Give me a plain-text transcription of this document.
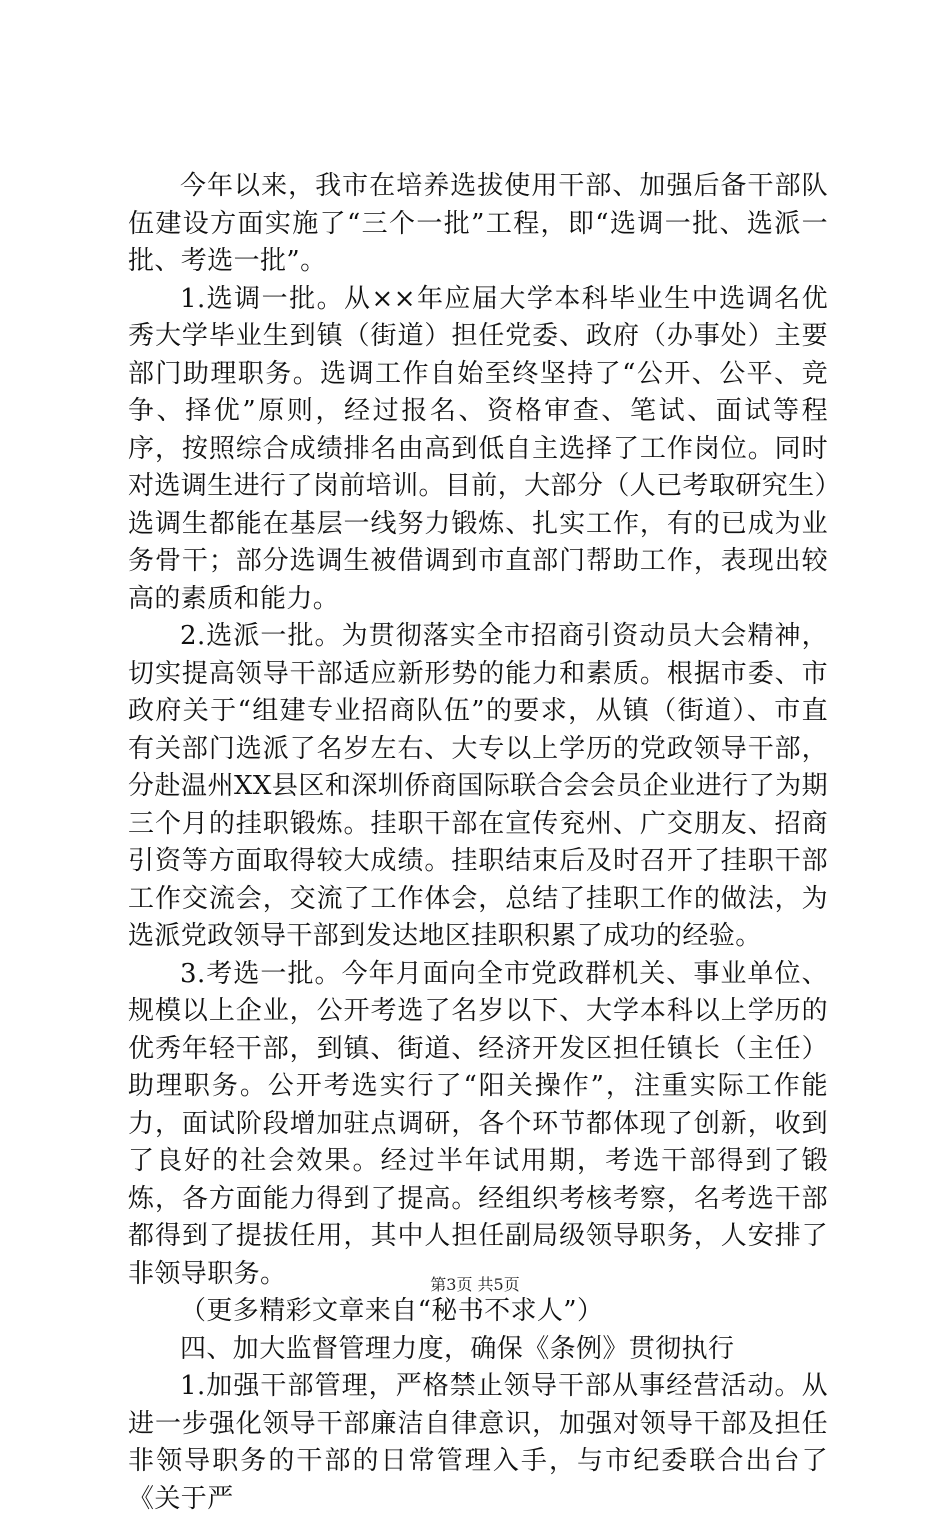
今年以来，我市在培养选拔使用干部、加强后备干部队伍建设方面实施了“三个一批”工程，即“选调一批、选派一批、考选一批”。

1.选调一批。从××年应届大学本科毕业生中选调名优秀大学毕业生到镇（街道）担任党委、政府（办事处）主要部门助理职务。选调工作自始至终坚持了“公开、公平、竞争、择优”原则，经过报名、资格审查、笔试、面试等程序，按照综合成绩排名由高到低自主选择了工作岗位。同时对选调生进行了岗前培训。目前，大部分（人已考取研究生）选调生都能在基层一线努力锻炼、扎实工作，有的已成为业务骨干；部分选调生被借调到市直部门帮助工作，表现出较高的素质和能力。

2.选派一批。为贯彻落实全市招商引资动员大会精神，切实提高领导干部适应新形势的能力和素质。根据市委、市政府关于“组建专业招商队伍”的要求，从镇（街道）、市直有关部门选派了名岁左右、大专以上学历的党政领导干部，分赴温州XX县区和深圳侨商国际联合会会员企业进行了为期三个月的挂职锻炼。挂职干部在宣传兖州、广交朋友、招商引资等方面取得较大成绩。挂职结束后及时召开了挂职干部工作交流会，交流了工作体会，总结了挂职工作的做法，为选派党政领导干部到发达地区挂职积累了成功的经验。

3.考选一批。今年月面向全市党政群机关、事业单位、规模以上企业，公开考选了名岁以下、大学本科以上学历的优秀年轻干部，到镇、街道、经济开发区担任镇长（主任）助理职务。公开考选实行了“阳关操作”，注重实际工作能力，面试阶段增加驻点调研，各个环节都体现了创新，收到了良好的社会效果。经过半年试用期，考选干部得到了锻炼，各方面能力得到了提高。经组织考核考察，名考选干部都得到了提拔任用，其中人担任副局级领导职务，人安排了非领导职务。

（更多精彩文章来自“秘书不求人”）

四、加大监督管理力度，确保《条例》贯彻执行

1.加强干部管理，严格禁止领导干部从事经营活动。从进一步强化领导干部廉洁自律意识，加强对领导干部及担任非领导职务的干部的日常管理入手，与市纪委联合出台了《关于严

第3页 共5页
